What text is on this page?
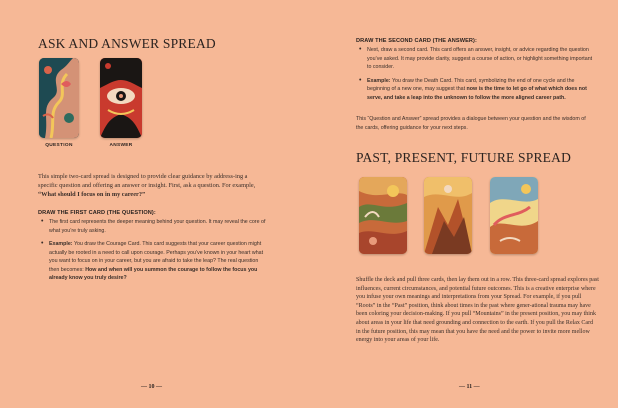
ASK AND ANSWER SPREAD
QUESTION	ANSWER
This simple two-card spread is designed to provide clear guidance by address-ing a specific question and offering an answer or insight. First, ask a question. For example, “What should I focus on in my career?”
DRAW THE FIRST CARD (THE QUESTION):
• The first card represents the deeper meaning behind your question. It may reveal the core of what you’re truly asking.
• Example: You draw the Courage Card. This card suggests that your career question might actually be rooted in a need to call upon courage. Perhaps you’ve known in your heart what you want to focus on in your career, but you are afraid to take the leap? The real question then becomes: How and when will you summon the courage to follow the focus you already know you truly desire?
— 10 —
DRAW THE SECOND CARD (THE ANSWER):
• Next, draw a second card. This card offers an answer, insight, or advice regarding the question you’ve asked. It may provide clarity, suggest a course of action, or highlight something important to consider.
• Example: You draw the Death Card. This card, symbolizing the end of one cycle and the beginning of a new one, may suggest that now is the time to let go of what which does not serve, and take a leap into the unknown to follow the more aligned career path.
This “Question and Answer” spread provides a dialogue between your question and the wisdom of the cards, offering guidance for your next steps.
PAST, PRESENT, FUTURE SPREAD
Shuffle the deck and pull three cards, then lay them out in a row. This three-card spread explores past influences, current circumstances, and potential future outcomes. This is a creative enterprise where you infuse your own meanings and interpretations from your Spread. For example, if you pull “Roots” in the “Past” position, think about times in the past where gener-ational trauma may have been coloring your decision-making. If you pull “Mountains” in the present position, you may think about areas in your life that need grounding and connection to the earth. If you pull the Relax Card in the future position, this may mean that you have the need and the power to invite more mellow energy into your areas of your life.
— 11 —
